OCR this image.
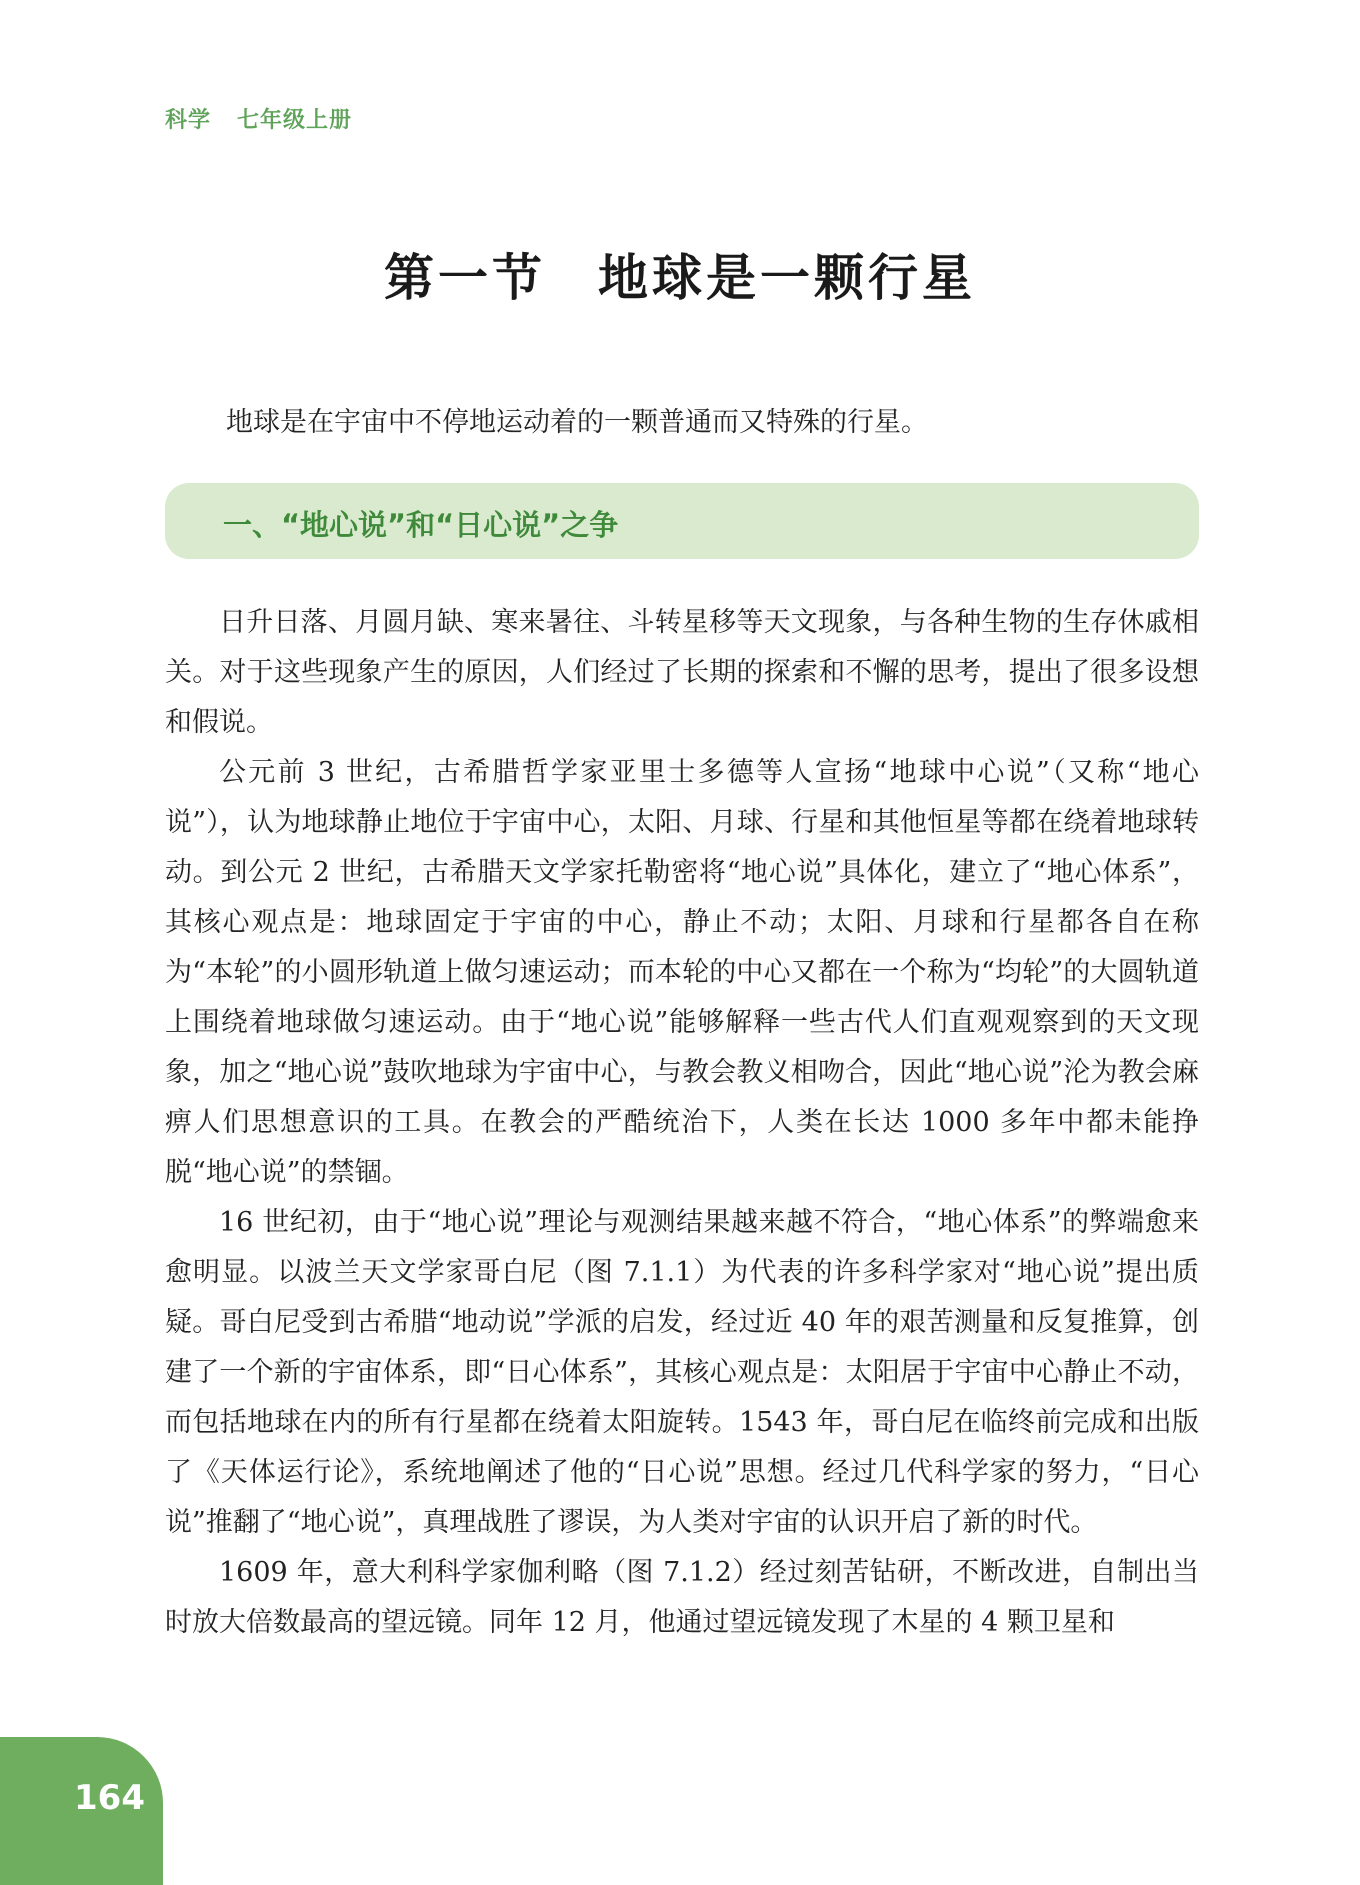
科学 七年级上册
第一节 地球是一颗行星
地球是在宇宙中不停地运动着的一颗普通而又特殊的行星。
一、“地心说”和“日心说”之争

日升日落、月圆月缺、寒来暑往、斗转星移等天文现象，与各种生物的生存休戚相关。对于这些现象产生的原因，人们经过了长期的探索和不懈的思考，提出了很多设想和假说。

公元前 3 世纪，古希腊哲学家亚里士多德等人宣扬“地球中心说”（又称“地心说”），认为地球静止地位于宇宙中心，太阳、月球、行星和其他恒星等都在绕着地球转动。到公元 2 世纪，古希腊天文学家托勒密将“地心说”具体化，建立了“地心体系”，其核心观点是：地球固定于宇宙的中心，静止不动；太阳、月球和行星都各自在称为“本轮”的小圆形轨道上做匀速运动；而本轮的中心又都在一个称为“均轮”的大圆轨道上围绕着地球做匀速运动。由于“地心说”能够解释一些古代人们直观观察到的天文现象，加之“地心说”鼓吹地球为宇宙中心，与教会教义相吻合，因此“地心说”沦为教会麻痹人们思想意识的工具。在教会的严酷统治下，人类在长达 1000 多年中都未能挣脱“地心说”的禁锢。

16 世纪初，由于“地心说”理论与观测结果越来越不符合，“地心体系”的弊端愈来愈明显。以波兰天文学家哥白尼（图 7.1.1）为代表的许多科学家对“地心说”提出质疑。哥白尼受到古希腊“地动说”学派的启发，经过近 40 年的艰苦测量和反复推算，创建了一个新的宇宙体系，即“日心体系”，其核心观点是：太阳居于宇宙中心静止不动，而包括地球在内的所有行星都在绕着太阳旋转。1543 年，哥白尼在临终前完成和出版了《天体运行论》，系统地阐述了他的“日心说”思想。经过几代科学家的努力，“日心说”推翻了“地心说”，真理战胜了谬误，为人类对宇宙的认识开启了新的时代。

1609 年，意大利科学家伽利略（图 7.1.2）经过刻苦钻研，不断改进，自制出当时放大倍数最高的望远镜。同年 12 月，他通过望远镜发现了木星的 4 颗卫星和

164
